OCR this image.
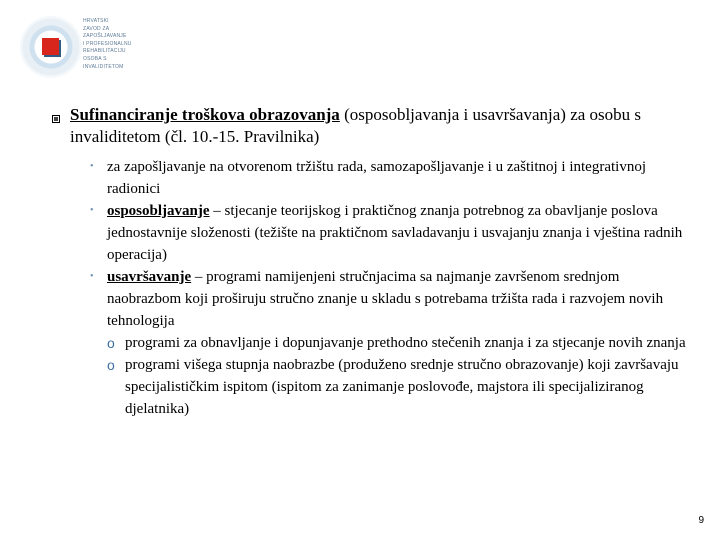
HRVATSKI
ZAVOD ZA
ZAPOŠLJAVANJE
I PROFESIONALNU
REHABILITACIJU
OSOBA S
INVALIDITETOM
Sufinanciranje troškova obrazovanja (osposobljavanja i usavršavanja) za osobu s invaliditetom (čl. 10.-15. Pravilnika)
• za zapošljavanje na otvorenom tržištu rada, samozapošljavanje i u zaštitnoj i integrativnoj radionici
• osposobljavanje – stjecanje teorijskog i praktičnog znanja potrebnog za obavljanje poslova jednostavnije složenosti (težište na praktičnom savladavanju i usvajanju znanja i vještina radnih operacija)
• usavršavanje – programi namijenjeni stručnjacima sa najmanje završenom srednjom naobrazbom koji proširuju stručno znanje u skladu s potrebama tržišta rada i razvojem novih tehnologija
o programi za obnavljanje i dopunjavanje prethodno stečenih znanja i za stjecanje novih znanja
o programi višega stupnja naobrazbe (produženo srednje stručno obrazovanje) koji završavaju specijalističkim ispitom (ispitom za zanimanje poslovođe, majstora ili specijaliziranog djelatnika)
9
